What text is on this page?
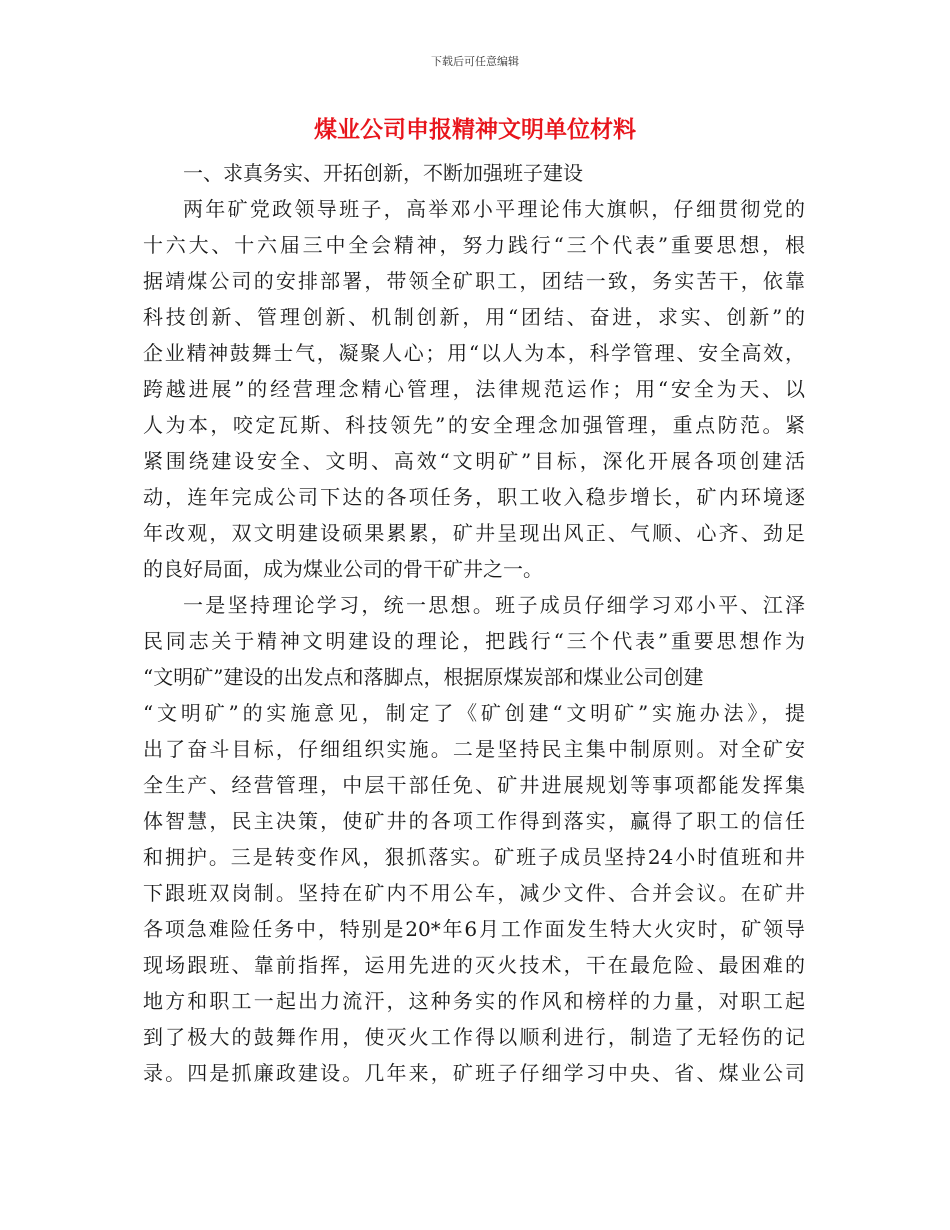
下载后可任意编辑
煤业公司申报精神文明单位材料
一、求真务实、开拓创新，不断加强班子建设
两年矿党政领导班子，高举邓小平理论伟大旗帜，仔细贯彻党的
十六大、十六届三中全会精神，努力践行“三个代表”重要思想，根
据靖煤公司的安排部署，带领全矿职工，团结一致，务实苦干，依靠
科技创新、管理创新、机制创新，用“团结、奋进，求实、创新”的
企业精神鼓舞士气，凝聚人心；用“以人为本，科学管理、安全高效，
跨越进展”的经营理念精心管理，法律规范运作；用“安全为天、以
人为本，咬定瓦斯、科技领先”的安全理念加强管理，重点防范。紧
紧围绕建设安全、文明、高效“文明矿”目标，深化开展各项创建活
动，连年完成公司下达的各项任务，职工收入稳步增长，矿内环境逐
年改观，双文明建设硕果累累，矿井呈现出风正、气顺、心齐、劲足
的良好局面，成为煤业公司的骨干矿井之一。
一是坚持理论学习，统一思想。班子成员仔细学习邓小平、江泽
民同志关于精神文明建设的理论，把践行“三个代表”重要思想作为
“文明矿”建设的出发点和落脚点，根据原煤炭部和煤业公司创建
“文明矿”的实施意见，制定了《矿创建“文明矿”实施办法》，提
出了奋斗目标，仔细组织实施。二是坚持民主集中制原则。对全矿安
全生产、经营管理，中层干部任免、矿井进展规划等事项都能发挥集
体智慧，民主决策，使矿井的各项工作得到落实，赢得了职工的信任
和拥护。三是转变作风，狠抓落实。矿班子成员坚持24小时值班和井
下跟班双岗制。坚持在矿内不用公车，减少文件、合并会议。在矿井
各项急难险任务中，特别是20*年6月工作面发生特大火灾时，矿领导
现场跟班、靠前指挥，运用先进的灭火技术，干在最危险、最困难的
地方和职工一起出力流汗，这种务实的作风和榜样的力量，对职工起
到了极大的鼓舞作用，使灭火工作得以顺利进行，制造了无轻伤的记
录。四是抓廉政建设。几年来，矿班子仔细学习中央、省、煤业公司
